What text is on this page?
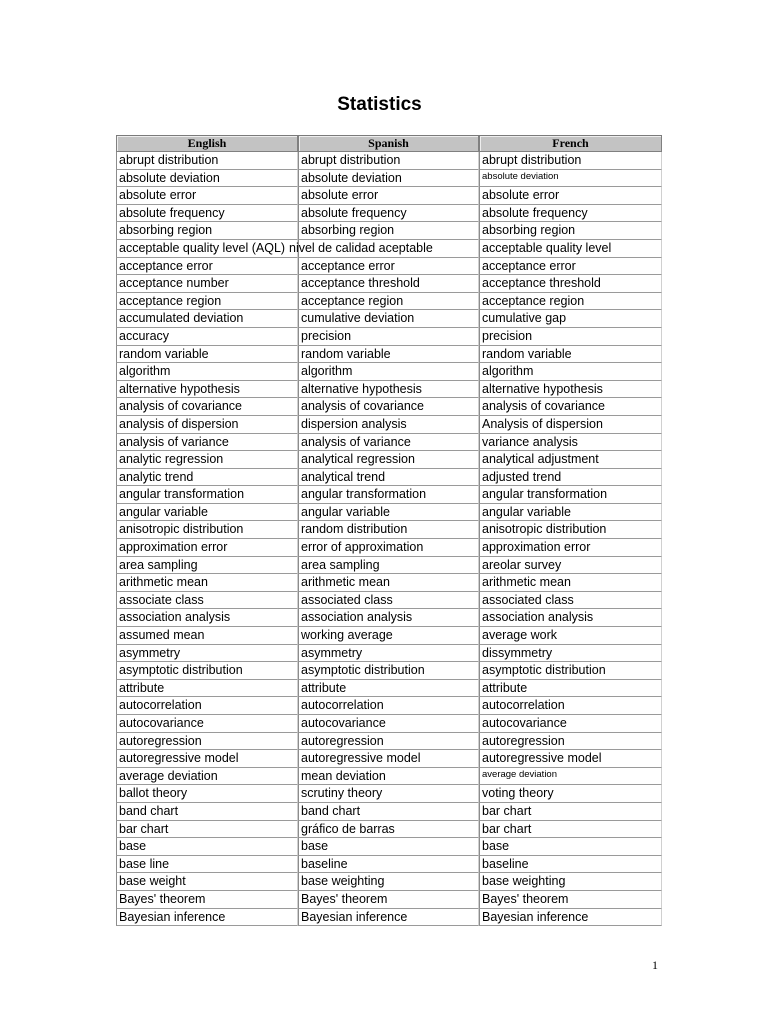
Statistics
English	Spanish	French
abrupt distribution	abrupt distribution	abrupt distribution
absolute deviation	absolute deviation	absolute deviation
absolute error	absolute error	absolute error
absolute frequency	absolute frequency	absolute frequency
absorbing region	absorbing region	absorbing region
acceptable quality level (AQL)	nivel de calidad aceptable	acceptable quality level
acceptance error	acceptance error	acceptance error
acceptance number	acceptance threshold	acceptance threshold
acceptance region	acceptance region	acceptance region
accumulated deviation	cumulative deviation	cumulative gap
accuracy	precision	precision
random variable	random variable	random variable
algorithm	algorithm	algorithm
alternative hypothesis	alternative hypothesis	alternative hypothesis
analysis of covariance	analysis of covariance	analysis of covariance
analysis of dispersion	dispersion analysis	Analysis of dispersion
analysis of variance	analysis of variance	variance analysis
analytic regression	analytical regression	analytical adjustment
analytic trend	analytical trend	adjusted trend
angular transformation	angular transformation	angular transformation
angular variable	angular variable	angular variable
anisotropic distribution	random distribution	anisotropic distribution
approximation error	error of approximation	approximation error
area sampling	area sampling	areolar survey
arithmetic mean	arithmetic mean	arithmetic mean
associate class	associated class	associated class
association analysis	association analysis	association analysis
assumed mean	working average	average work
asymmetry	asymmetry	dissymmetry
asymptotic distribution	asymptotic distribution	asymptotic distribution
attribute	attribute	attribute
autocorrelation	autocorrelation	autocorrelation
autocovariance	autocovariance	autocovariance
autoregression	autoregression	autoregression
autoregressive model	autoregressive model	autoregressive model
average deviation	mean deviation	average deviation
ballot theory	scrutiny theory	voting theory
band chart	band chart	bar chart
bar chart	gráfico de barras	bar chart
base	base	base
base line	baseline	baseline
base weight	base weighting	base weighting
Bayes' theorem	Bayes' theorem	Bayes' theorem
Bayesian inference	Bayesian inference	Bayesian inference
1
